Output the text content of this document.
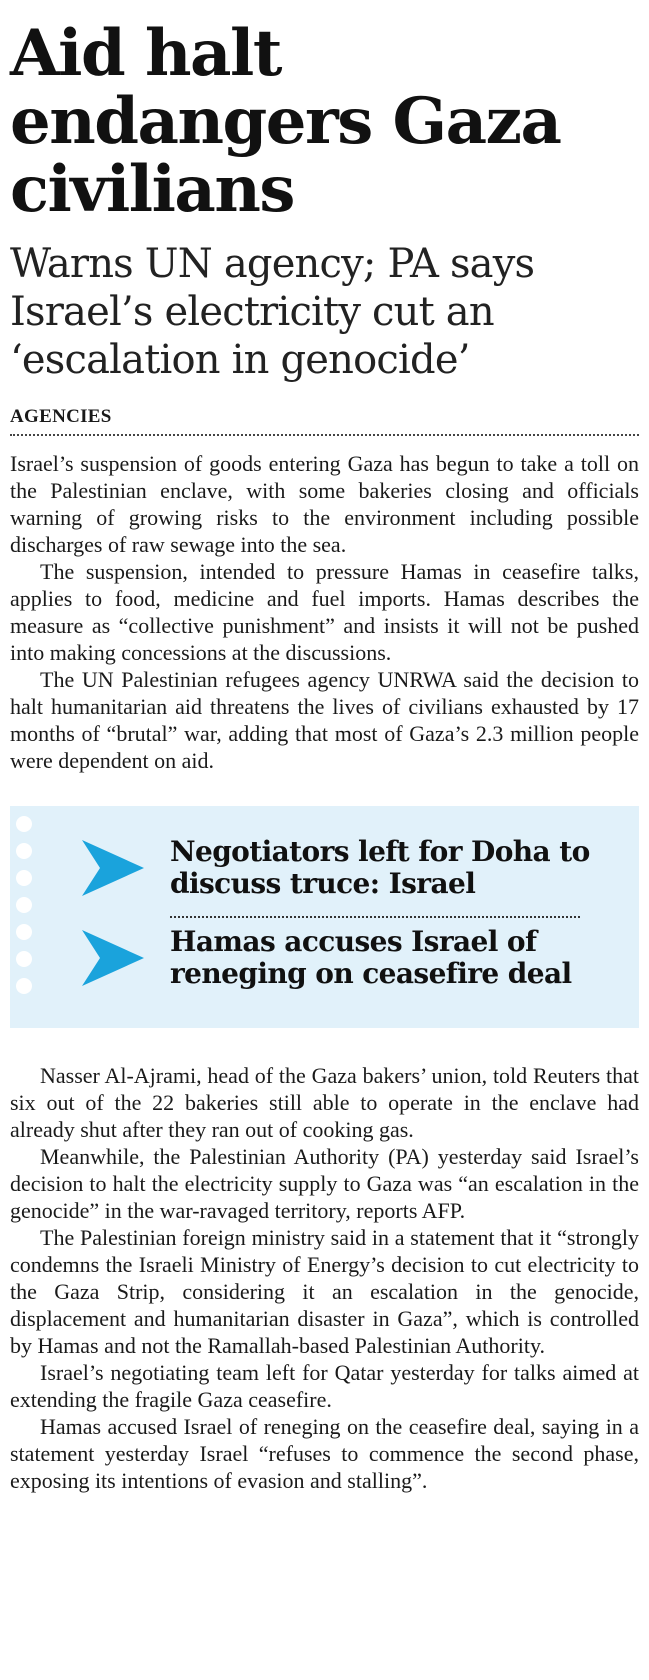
Aid halt endangers Gaza civilians
Warns UN agency; PA says Israel’s electricity cut an ‘escalation in genocide’
AGENCIES

Israel’s suspension of goods entering Gaza has begun to take a toll on the Palestinian enclave, with some bakeries closing and officials warning of growing risks to the environment including possible discharges of raw sewage into the sea.

The suspension, intended to pressure Hamas in ceasefire talks, applies to food, medicine and fuel imports. Hamas describes the measure as “collective punishment” and insists it will not be pushed into making concessions at the discussions.

The UN Palestinian refugees agency UNRWA said the decision to halt humanitarian aid threatens the lives of civilians exhausted by 17 months of “brutal” war, adding that most of Gaza’s 2.3 million people were dependent on aid.

Negotiators left for Doha to discuss truce: Israel
Hamas accuses Israel of reneging on ceasefire deal

Nasser Al-Ajrami, head of the Gaza bakers’ union, told Reuters that six out of the 22 bakeries still able to operate in the enclave had already shut after they ran out of cooking gas.

Meanwhile, the Palestinian Authority (PA) yesterday said Israel’s decision to halt the electricity supply to Gaza was “an escalation in the genocide” in the war-ravaged territory, reports AFP.

The Palestinian foreign ministry said in a statement that it “strongly condemns the Israeli Ministry of Energy’s decision to cut electricity to the Gaza Strip, considering it an escalation in the genocide, displacement and humanitarian disaster in Gaza”, which is controlled by Hamas and not the Ramallah-based Palestinian Authority.

Israel’s negotiating team left for Qatar yesterday for talks aimed at extending the fragile Gaza ceasefire.

Hamas accused Israel of reneging on the ceasefire deal, saying in a statement yesterday Israel “refuses to commence the second phase, exposing its intentions of evasion and stalling”.
